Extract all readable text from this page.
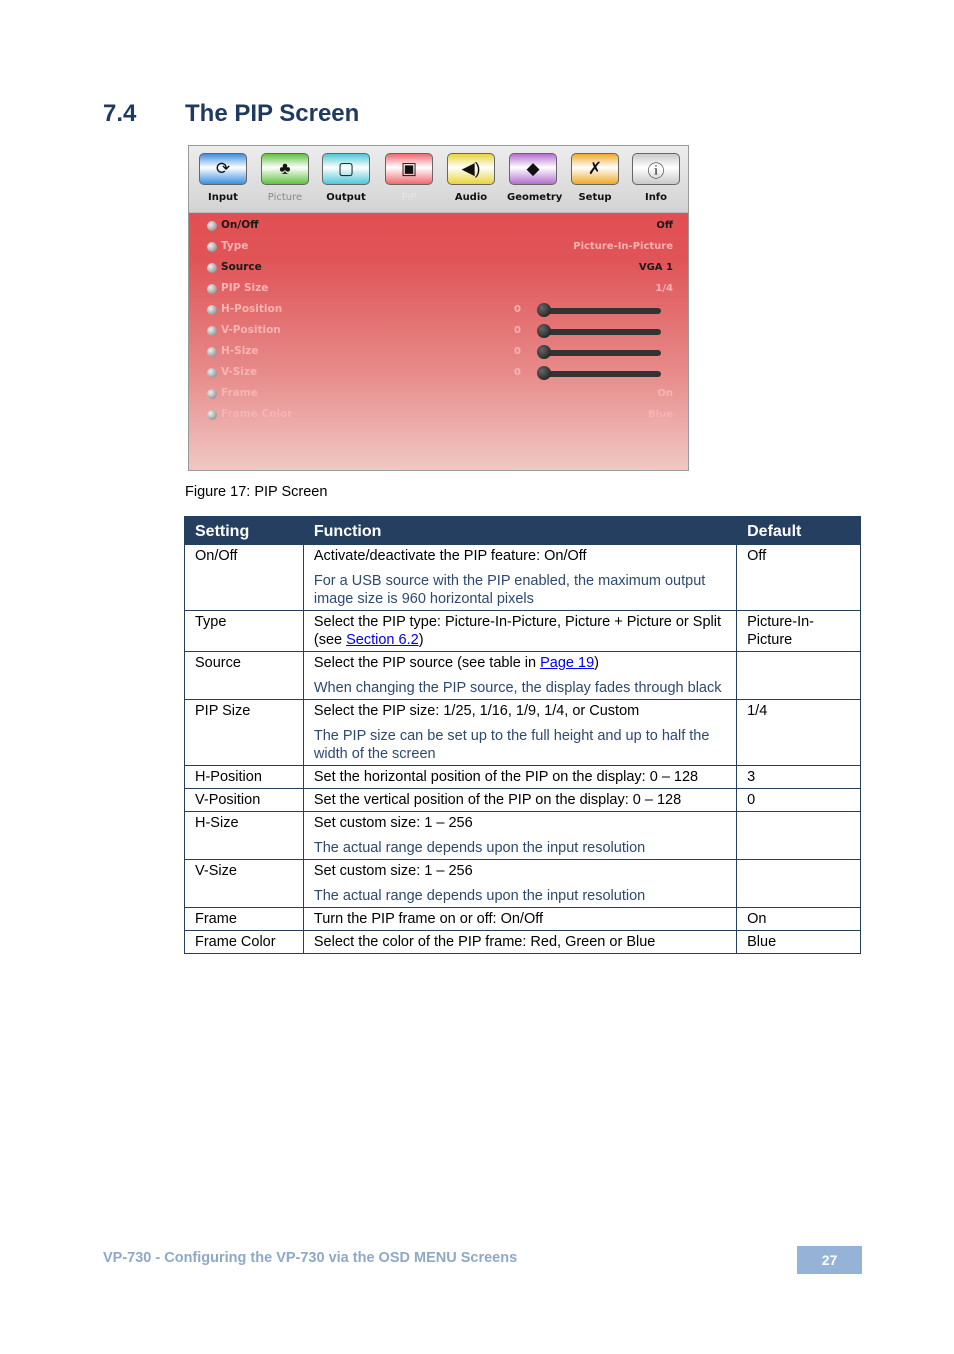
7.4 The PIP Screen
⟳
Input
♣
Picture
▢
Output
▣
PIP
◀)
Audio
◆
Geometry
✗
Setup
ⓘ
Info
On/Off	Off
Type	Picture-In-Picture
Source	VGA 1
PIP Size	1/4
H-Position	0
V-Position	0
H-Size	0
V-Size	0
Frame	On
Frame Color	Blue
Figure 17: PIP Screen
Setting	Function	Default
On/Off	Activate/deactivate the PIP feature: On/Off
For a USB source with the PIP enabled, the maximum output image size is 960 horizontal pixels	Off
Type	Select the PIP type: Picture-In-Picture, Picture + Picture or Split (see Section 6.2)	Picture-In-Picture
Source	Select the PIP source (see table in Page 19)
When changing the PIP source, the display fades through black	

PIP Size	Select the PIP size: 1/25, 1/16, 1/9, 1/4, or Custom
The PIP size can be set up to the full height and up to half the width of the screen	1/4
H-Position	Set the horizontal position of the PIP on the display: 0 – 128	3
V-Position	Set the vertical position of the PIP on the display: 0 – 128	0
H-Size	Set custom size: 1 – 256
The actual range depends upon the input resolution	

V-Size	Set custom size: 1 – 256
The actual range depends upon the input resolution	

Frame	Turn the PIP frame on or off: On/Off	On
Frame Color	Select the color of the PIP frame: Red, Green or Blue	Blue
VP-730 - Configuring the VP-730 via the OSD MENU Screens	27
